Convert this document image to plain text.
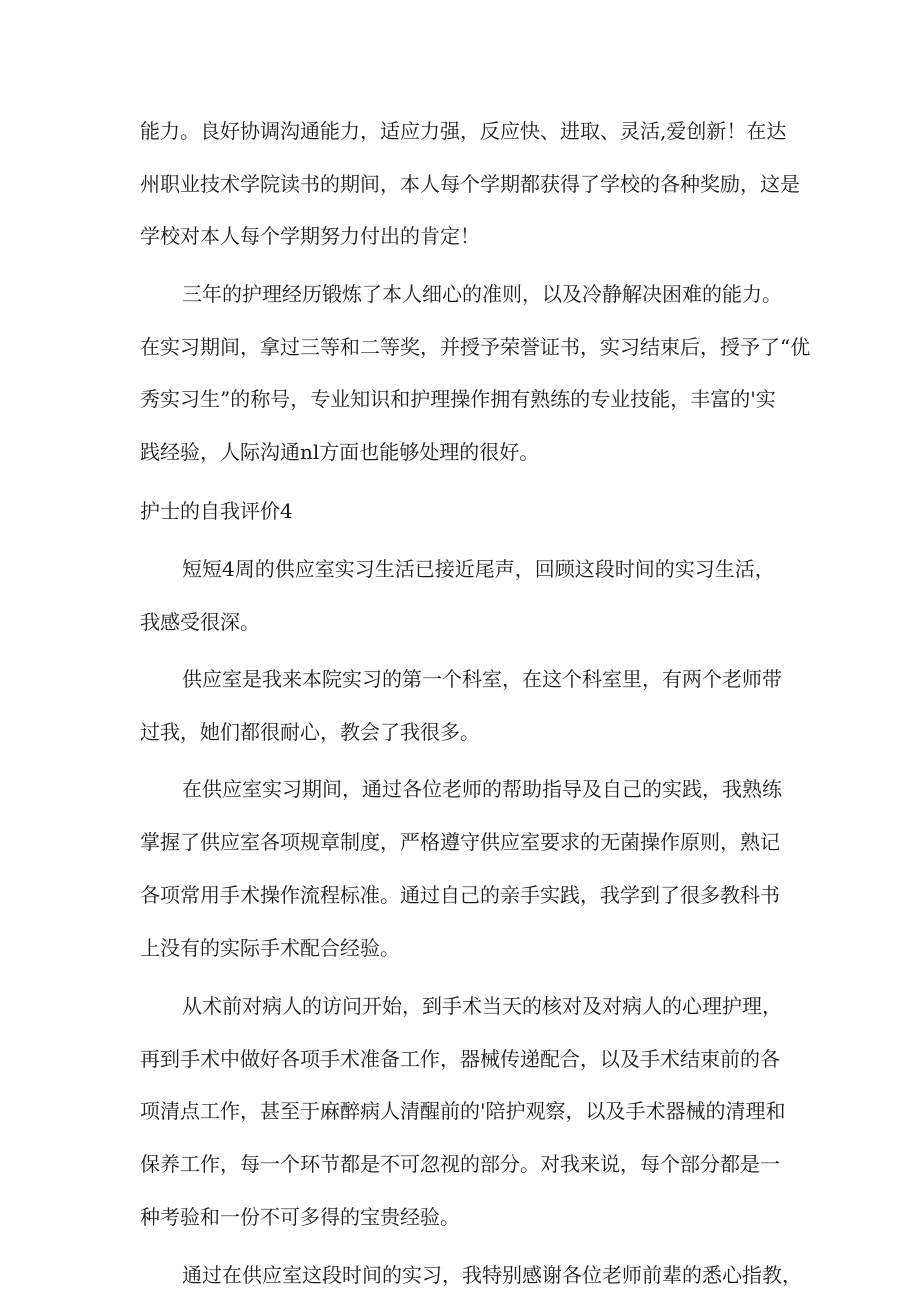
能力。良好协调沟通能力，适应力强，反应快、进取、灵活,爱创新！在达
州职业技术学院读书的期间，本人每个学期都获得了学校的各种奖励，这是
学校对本人每个学期努力付出的肯定！
三年的护理经历锻炼了本人细心的准则，以及冷静解决困难的能力。
在实习期间，拿过三等和二等奖，并授予荣誉证书，实习结束后，授予了“优
秀实习生”的称号，专业知识和护理操作拥有熟练的专业技能，丰富的'实
践经验，人际沟通nl方面也能够处理的很好。
护士的自我评价4
短短4周的供应室实习生活已接近尾声，回顾这段时间的实习生活，
我感受很深。
供应室是我来本院实习的第一个科室，在这个科室里，有两个老师带
过我，她们都很耐心，教会了我很多。
在供应室实习期间，通过各位老师的帮助指导及自己的实践，我熟练
掌握了供应室各项规章制度，严格遵守供应室要求的无菌操作原则，熟记
各项常用手术操作流程标准。通过自己的亲手实践，我学到了很多教科书
上没有的实际手术配合经验。
从术前对病人的访问开始，到手术当天的核对及对病人的心理护理，
再到手术中做好各项手术准备工作，器械传递配合，以及手术结束前的各
项清点工作，甚至于麻醉病人清醒前的'陪护观察，以及手术器械的清理和
保养工作，每一个环节都是不可忽视的部分。对我来说，每个部分都是一
种考验和一份不可多得的宝贵经验。
通过在供应室这段时间的实习，我特别感谢各位老师前辈的悉心指教，
